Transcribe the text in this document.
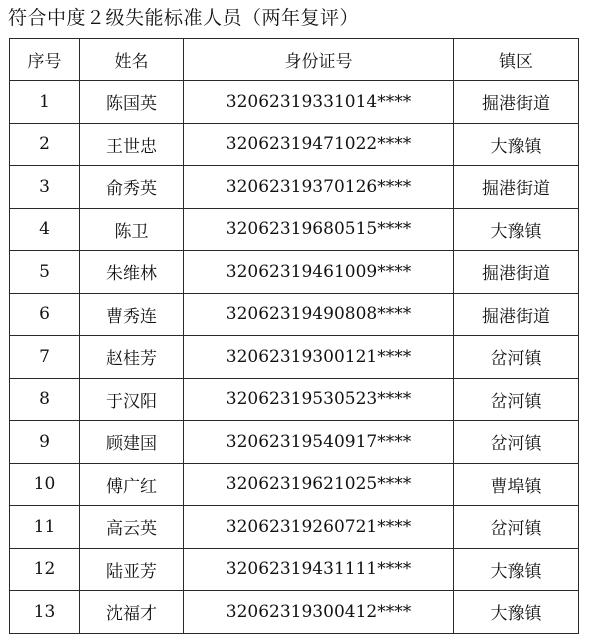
符合中度２级失能标准人员（两年复评）
序号	姓名	身份证号	镇区
1	陈国英	32062319331014****	掘港街道
2	王世忠	32062319471022****	大豫镇
3	俞秀英	32062319370126****	掘港街道
4	陈卫	32062319680515****	大豫镇
5	朱维林	32062319461009****	掘港街道
6	曹秀连	32062319490808****	掘港街道
7	赵桂芳	32062319300121****	岔河镇
8	于汉阳	32062319530523****	岔河镇
9	顾建国	32062319540917****	岔河镇
10	傅广红	32062319621025****	曹埠镇
11	高云英	32062319260721****	岔河镇
12	陆亚芳	32062319431111****	大豫镇
13	沈福才	32062319300412****	大豫镇
